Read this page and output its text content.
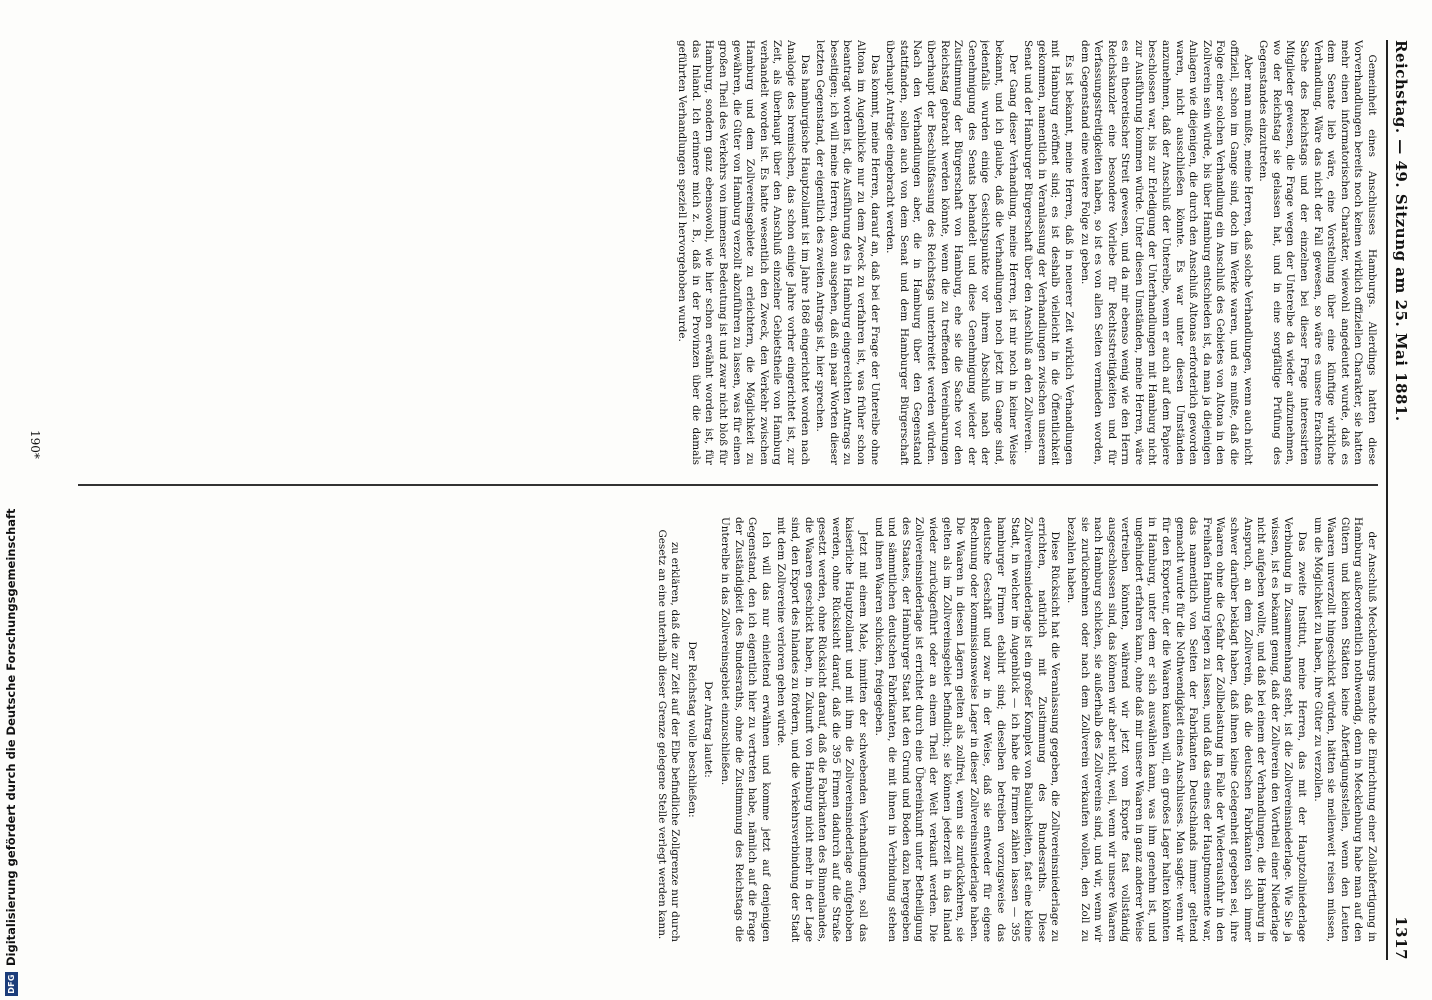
Reichstag. — 49. Sitzung am 25. Mai 1881.
1317

Gemeinheit eines Anschlusses Hamburgs. Allerdings hatten diese Vorverhandlungen bereits noch keinen wirklich offiziellen Charakter, sie hatten mehr einen informatorischen Charakter, wiewohl angedeutet wurde, daß es dem Senate lieb wäre, eine Vorstellung über eine künftige wirkliche Verhandlung. Wäre das nicht der Fall gewesen, so wäre es unsere Erachtens Sache des Reichstags und der einzelnen bei dieser Frage interessirten Mitglieder gewesen, die Frage wegen der Unterelbe da wieder aufzunehmen, wo der Reichstag sie gelassen hat, und in eine sorgfältige Prüfung des Gegenstandes einzutreten.

Aber man mußte, meine Herren, daß solche Verhandlungen, wenn auch nicht offiziell, schon im Gange sind, doch im Werke waren, und es mußte, daß die Folge einer solchen Verhandlung ein Anschluß des Gebietes von Altona in den Zollverein sein würde, bis über Hamburg entschieden ist, da man ja diejenigen Anlagen wie diejenigen, die durch den Anschluß Altonas erforderlich geworden waren, nicht ausschließen könnte. Es war unter diesen Umständen anzunehmen, daß der Anschluß der Unterelbe, wenn er auch auf dem Papiere beschlossen war, bis zur Erledigung der Unterhandlungen mit Hamburg nicht zur Ausführung kommen würde. Unter diesen Umständen, meine Herren, wäre es ein theoretischer Streit gewesen, und da mir ebenso wenig wie den Herrn Reichskanzler eine besondere Vorliebe für Rechtsstreitigkeiten und für Verfassungsstreitigkeiten haben, so ist es von allen Seiten vermieden worden, dem Gegenstand eine weitere Folge zu geben.

Es ist bekannt, meine Herren, daß in neuerer Zeit wirklich Verhandlungen mit Hamburg eröffnet sind; es ist deshalb vielleicht in die Öffentlichkeit gekommen, namentlich in Veranlassung der Verhandlungen zwischen unserem Senat und der Hamburger Bürgerschaft über den Anschluß an den Zollverein.

Der Gang dieser Verhandlung, meine Herren, ist mir noch in keiner Weise bekannt, und ich glaube, daß die Verhandlungen noch jetzt im Gange sind, jedenfalls wurden einige Gesichtspunkte vor ihrem Abschluß nach der Genehmigung des Senats behandelt und diese Genehmigung wieder der Zustimmung der Bürgerschaft von Hamburg, ehe sie die Sache vor den Reichstag gebracht werden könnte, wenn die zu treffenden Vereinbarungen überhaupt der Beschlußfassung des Reichstags unterbreitet werden würden. Nach den Verhandlungen aber, die in Hamburg über den Gegenstand stattfanden, sollen auch von dem Senat und dem Hamburger Bürgerschaft überhaupt Anträge eingebracht werden.

Das kommt, meine Herren, darauf an, daß bei der Frage der Unterelbe ohne Altona im Augenblicke nur zu dem Zweck zu verfahren ist, was früher schon beantragt worden ist, die Ausführung des in Hamburg eingereichten Antrags zu beseitigen; ich will meine Herren, davon ausgehen, daß ein paar Worten dieser letzten Gegenstand, der eigentlich des zweiten Antrags ist, hier sprechen.

Das hamburgische Hauptzollamt ist im Jahre 1868 eingerichtet worden nach Analogie des bremischen, das schon einige Jahre vorher eingerichtet ist, zur Zeit, als überhaupt über den Anschluß einzelner Gebietstheile von Hamburg verhandelt worden ist. Es hatte wesentlich den Zweck, den Verkehr zwischen Hamburg und dem Zollvereinsgebiete zu erleichtern, die Möglichkeit zu gewähren, die Güter von Hamburg verzollt abzuführen zu lassen, was für einen großen Theil des Verkehrs von immenser Bedeutung ist und zwar nicht bloß für Hamburg, sondern ganz ebensowohl, wie hier schon erwähnt worden ist, für das Inland. Ich erinnere mich z. B., daß in der Provinzen über die damals geführten Verhandlungen speziell hervorgehoben wurde.

der Anschluß Mecklenburgs machte die Einrichtung einer Zollabfertigung in Hamburg außerordentlich nothwendig, denn in Mecklenburg habe man auf den Gütern und kleinen Städten keine Abfertigungsstellen, wenn den Leuten Waaren unverzollt hingeschickt würden, hätten sie meilenweit reisen müssen, um die Möglichkeit zu haben, ihre Güter zu verzollen.

Das zweite Institut, meine Herren, das mit der Hauptzollniederlage Verbindung in Zusammenhang steht, ist die Zollvereinsniederlage. Wie Sie ja wissen, ist es bekannt genug, daß der Zollverein den Vortheil einer Niederlage nicht aufgeben wollte, und daß bei einem der Verhandlungen, die Hamburg in Anspruch, an dem Zollverein, daß die deutschen Fabrikanten sich immer schwer darüber beklagt haben, daß ihnen keine Gelegenheit gegeben sei, ihre Waaren ohne die Gefahr der Zollbelastung im Falle der Wiederausfuhr in den Freihafen Hamburg legen zu lassen, und daß das eines der Hauptmomente war, das namentlich von Seiten der Fabrikanten Deutschlands immer geltend gemacht wurde für die Nothwendigkeit eines Anschlusses. Man sagte: wenn wir für den Exporteur, der die Waaren kaufen will, ein großes Lager halten könnten in Hamburg, unter dem er sich auswählen kann, was ihm genehm ist, und ungehindert erfahren kann, ohne daß mir unsere Waaren in ganz anderer Weise vertreiben könnten, während wir jetzt vom Exporte fast vollständig ausgeschlossen sind, das können wir aber nicht, weil, wenn wir unsere Waaren nach Hamburg schicken, sie außerhalb des Zollvereins sind, und wir, wenn wir sie zurücknehmen oder nach dem Zollverein verkaufen wollen, den Zoll zu bezahlen haben.

Diese Rücksicht hat die Veranlassung gegeben, die Zollvereinsniederlage zu errichten, natürlich mit Zustimmung des Bundesraths. Diese Zollvereinsniederlage ist ein großer Komplex von Baulichkeiten, fast eine kleine Stadt, in welcher im Augenblick — ich habe die Firmen zählen lassen — 395 hamburger Firmen etablirt sind; dieselben betreiben vorzugsweise das deutsche Geschäft und zwar in der Weise, daß sie entweder für eigene Rechnung oder kommissionsweise Lager in dieser Zollvereinsniederlage haben. Die Waaren in diesen Lägern gelten als zollfrei, wenn sie zurückkehren, sie gelten als im Zollvereinsgebiet befindlich; sie können jederzeit in das Inland wieder zurückgeführt oder an einem Theil der Welt verkauft werden. Die Zollvereinsniederlage ist errichtet durch eine Übereinkunft unter Betheiligung des Staates, der Hamburger Staat hat den Grund und Boden dazu hergegeben und sämmtlichen deutschen Fabrikanten, die mit ihnen in Verbindung stehen und ihnen Waaren schicken, freigegeben.

Jetzt mit einem Male, inmitten der schwebenden Verhandlungen, soll das kaiserliche Hauptzollamt und mit ihm die Zollvereinsniederlage aufgehoben werden, ohne Rücksicht darauf, daß die 395 Firmen dadurch auf die Straße gesetzt werden, ohne Rücksicht darauf, daß die Fabrikanten des Binnenlandes, die Waaren geschickt haben, in Zukunft von Hamburg nicht mehr in der Lage sind, den Export des Inlandes zu fördern, und die Verkehrsverbindung der Stadt mit dem Zollvereine verloren gehen würde.

Ich will das nur einleitend erwähnen und komme jetzt auf denjenigen Gegenstand, den ich eigentlich hier zu vertreten habe, nämlich auf die Frage der Zuständigkeit des Bundesraths, ohne die Zustimmung des Reichstags die Unterelbe in das Zollvereinsgebiet einzuschließen.

Der Antrag lautet:

Der Reichstag wolle beschließen:

zu erklären, daß die zur Zeit auf der Elbe befindliche Zollgrenze nur durch Gesetz an eine unterhalb dieser Grenze gelegene Stelle verlegt werden kann.

190*
DFG
Digitalisierung gefördert durch die Deutsche Forschungsgemeinschaft
